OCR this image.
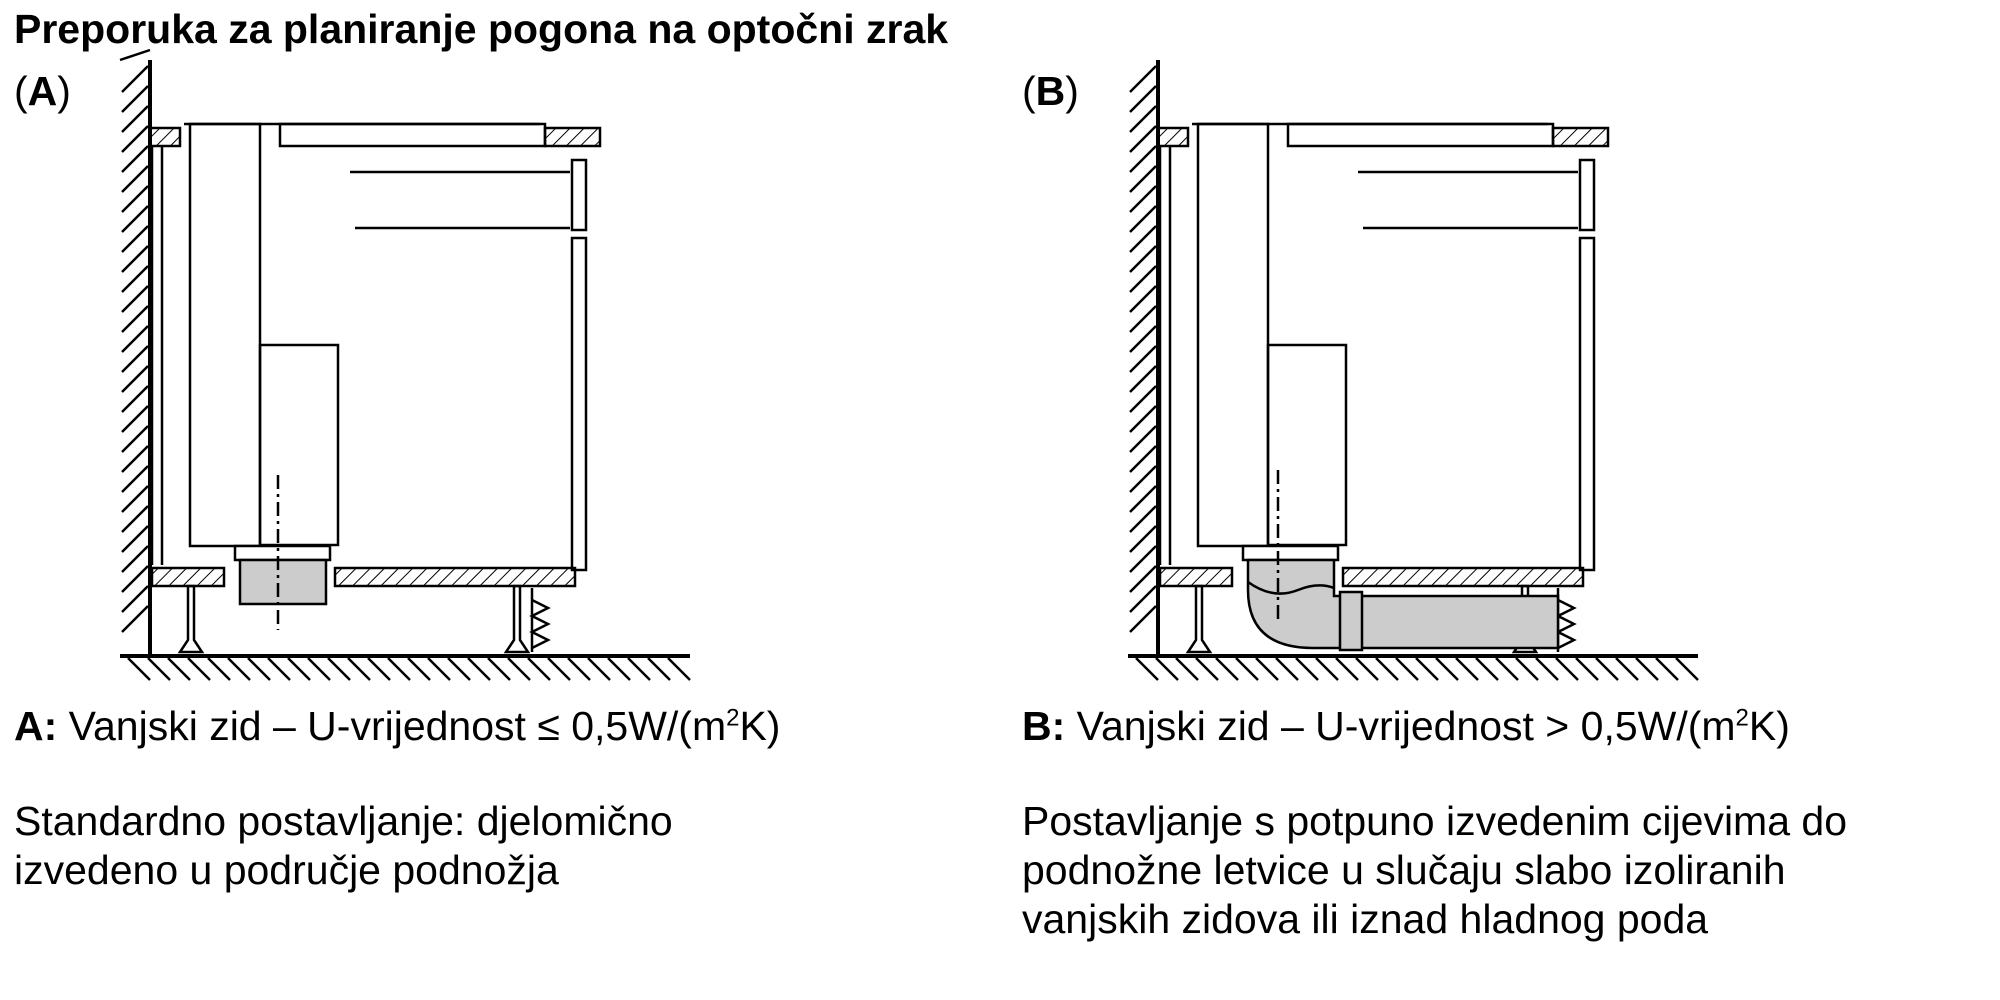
Preporuka za planiranje pogona na optočni zrak
(A)	(B)
A: Vanjski zid – U-vrijednost ≤ $0,5W/(m^2K)$	B: Vanjski zid – U-vrijednost > $0,5W/(m^2K)$
Standardno postavljanje: djelomično
izvedeno u područje podnožja
Postavljanje s potpuno izvedenim cijevima do
podnožne letvice u slučaju slabo izoliranih
vanjskih zidova ili iznad hladnog poda
